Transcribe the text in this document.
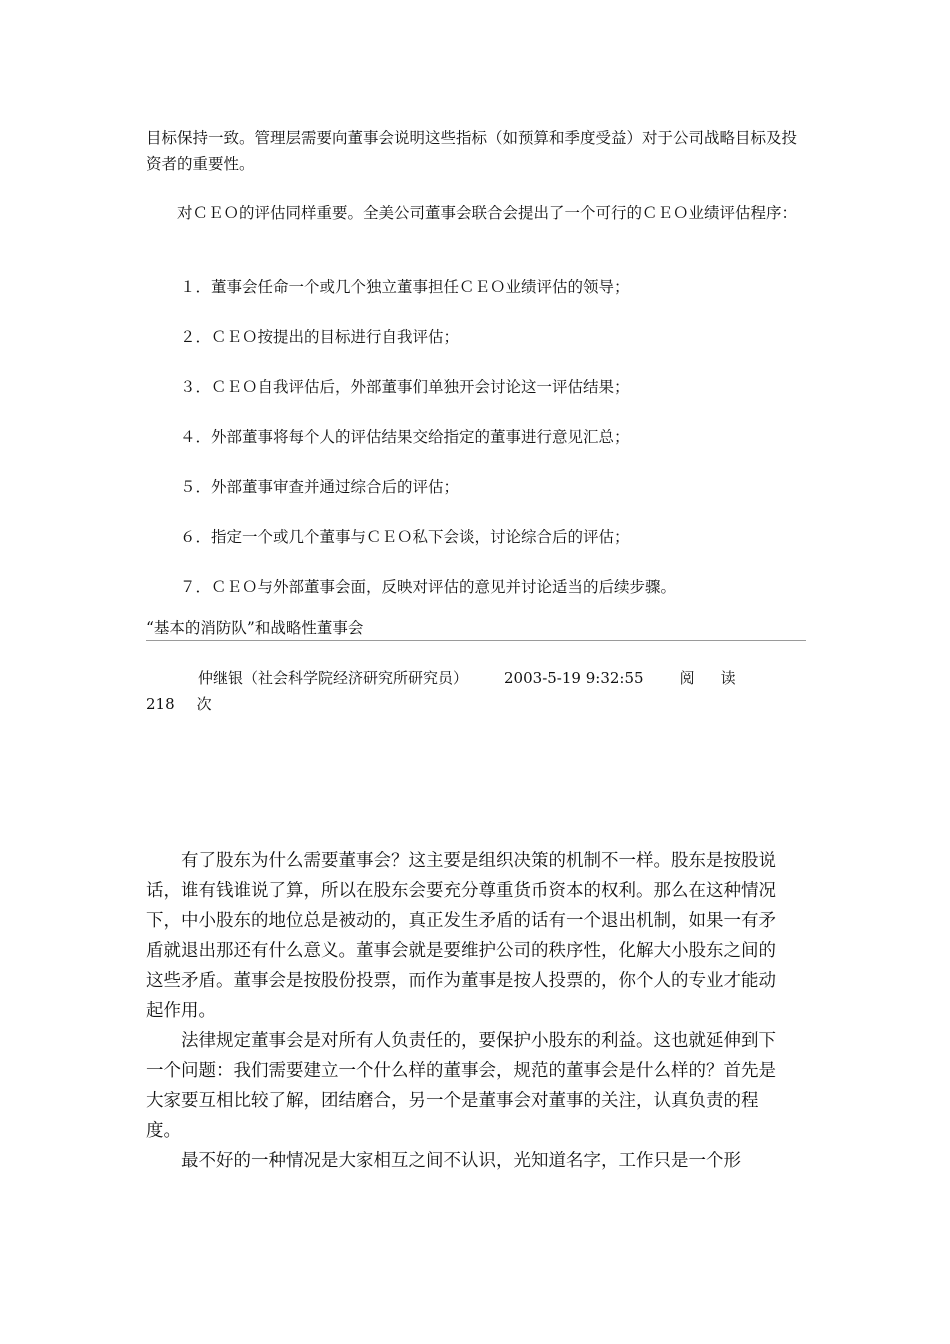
目标保持一致。管理层需要向董事会说明这些指标（如预算和季度受益）对于公司战略目标及投资者的重要性。

对ＣＥＯ的评估同样重要。全美公司董事会联合会提出了一个可行的ＣＥＯ业绩评估程序：

１．董事会任命一个或几个独立董事担任ＣＥＯ业绩评估的领导；
２．ＣＥＯ按提出的目标进行自我评估；
３．ＣＥＯ自我评估后，外部董事们单独开会讨论这一评估结果；
４．外部董事将每个人的评估结果交给指定的董事进行意见汇总；
５．外部董事审查并通过综合后的评估；
６．指定一个或几个董事与ＣＥＯ私下会谈，讨论综合后的评估；
７．ＣＥＯ与外部董事会面，反映对评估的意见并讨论适当的后续步骤。
“基本的消防队”和战略性董事会
仲继银（社会科学院经济研究所研究员） 2003-5-19 9:32:55 阅读218 次

有了股东为什么需要董事会？这主要是组织决策的机制不一样。股东是按股说话，谁有钱谁说了算，所以在股东会要充分尊重货币资本的权利。那么在这种情况下，中小股东的地位总是被动的，真正发生矛盾的话有一个退出机制，如果一有矛盾就退出那还有什么意义。董事会就是要维护公司的秩序性，化解大小股东之间的这些矛盾。董事会是按股份投票，而作为董事是按人投票的，你个人的专业才能动起作用。

法律规定董事会是对所有人负责任的，要保护小股东的利益。这也就延伸到下一个问题：我们需要建立一个什么样的董事会，规范的董事会是什么样的？首先是大家要互相比较了解，团结磨合，另一个是董事会对董事的关注，认真负责的程度。

最不好的一种情况是大家相互之间不认识，光知道名字，工作只是一个形
